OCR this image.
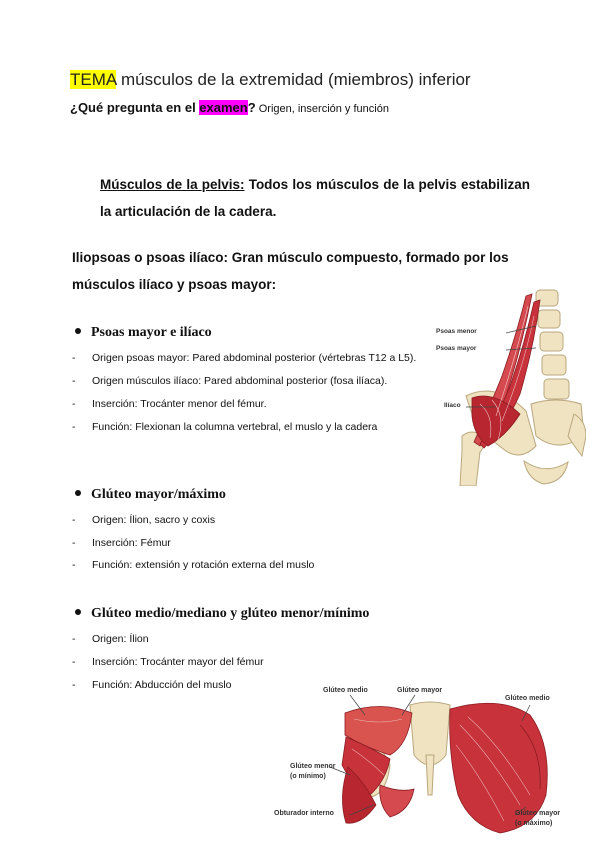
TEMA músculos de la extremidad (miembros) inferior
¿Qué pregunta en el examen? Origen, inserción y función
Músculos de la pelvis: Todos los músculos de la pelvis estabilizan la articulación de la cadera.
Iliopsoas o psoas ilíaco: Gran músculo compuesto, formado por los músculos ilíaco y psoas mayor:
Psoas mayor e ilíaco
- Origen psoas mayor: Pared abdominal posterior (vértebras T12 a L5).
- Origen músculos ilíaco: Pared abdominal posterior (fosa ilíaca).
- Inserción: Trocánter menor del fémur.
- Función: Flexionan la columna vertebral, el muslo y la cadera
Glúteo mayor/máximo
- Origen: Ílion, sacro y coxis
- Inserción: Fémur
- Función: extensión y rotación externa del muslo
Glúteo medio/mediano y glúteo menor/mínimo
- Origen: Ílion
- Inserción: Trocánter mayor del fémur
- Función: Abducción del muslo
Psoas menor
Psoas mayor
Ilíaco
Glúteo medio	Glúteo mayor
Glúteo medio
Glúteo menor
(o mínimo)
Obturador interno	Glúteo mayor
(o máximo)
